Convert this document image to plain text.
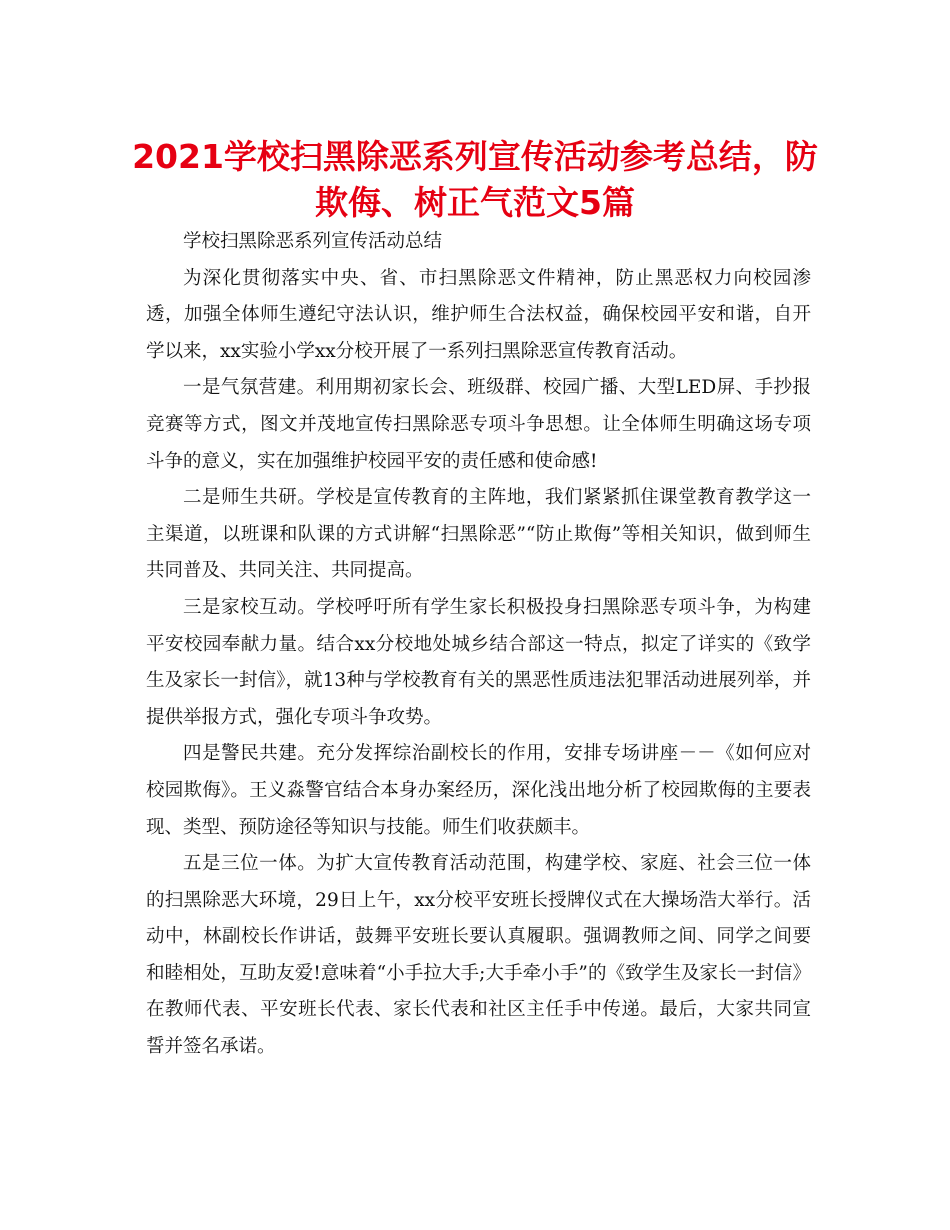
2021学校扫黑除恶系列宣传活动参考总结，防欺侮、树正气范文5篇

学校扫黑除恶系列宣传活动总结

为深化贯彻落实中央、省、市扫黑除恶文件精神，防止黑恶权力向校园渗透，加强全体师生遵纪守法认识，维护师生合法权益，确保校园平安和谐，自开学以来，xx实验小学xx分校开展了一系列扫黑除恶宣传教育活动。

一是气氛营建。利用期初家长会、班级群、校园广播、大型LED屏、手抄报竞赛等方式，图文并茂地宣传扫黑除恶专项斗争思想。让全体师生明确这场专项斗争的意义，实在加强维护校园平安的责任感和使命感!

二是师生共研。学校是宣传教育的主阵地，我们紧紧抓住课堂教育教学这一主渠道，以班课和队课的方式讲解“扫黑除恶”“防止欺侮”等相关知识，做到师生共同普及、共同关注、共同提高。

三是家校互动。学校呼吁所有学生家长积极投身扫黑除恶专项斗争，为构建平安校园奉献力量。结合xx分校地处城乡结合部这一特点，拟定了详实的《致学生及家长一封信》，就13种与学校教育有关的黑恶性质违法犯罪活动进展列举，并提供举报方式，强化专项斗争攻势。

四是警民共建。充分发挥综治副校长的作用，安排专场讲座－－《如何应对校园欺侮》。王义淼警官结合本身办案经历，深化浅出地分析了校园欺侮的主要表现、类型、预防途径等知识与技能。师生们收获颇丰。

五是三位一体。为扩大宣传教育活动范围，构建学校、家庭、社会三位一体的扫黑除恶大环境，29日上午，xx分校平安班长授牌仪式在大操场浩大举行。活动中，林副校长作讲话，鼓舞平安班长要认真履职。强调教师之间、同学之间要和睦相处，互助友爱!意味着“小手拉大手;大手牵小手”的《致学生及家长一封信》在教师代表、平安班长代表、家长代表和社区主任手中传递。最后，大家共同宣誓并签名承诺。
